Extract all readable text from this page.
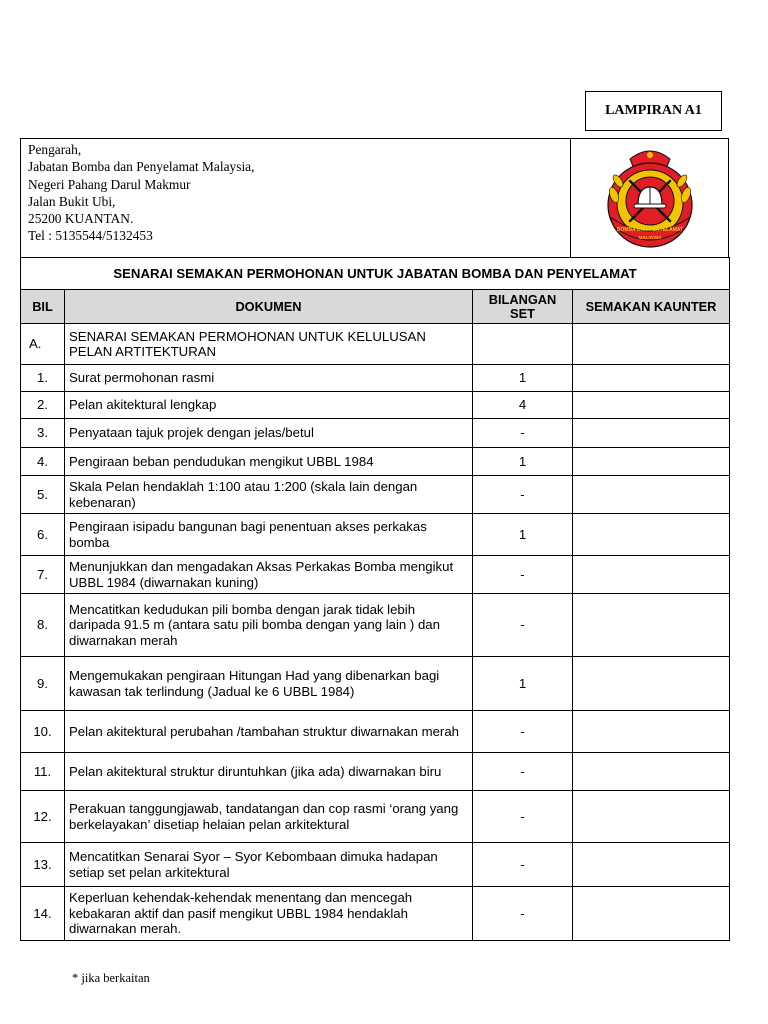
LAMPIRAN A1
Pengarah,
Jabatan Bomba dan Penyelamat Malaysia,
Negeri Pahang Darul Makmur
Jalan Bukit Ubi,
25200 KUANTAN.
Tel : 5135544/5132453	BOMBA DAN PENYELAMAT
MALAYSIA
SENARAI SEMAKAN PERMOHONAN UNTUK JABATAN BOMBA DAN PENYELAMAT			
BIL	DOKUMEN	BILANGAN SET	SEMAKAN KAUNTER
A.	SENARAI SEMAKAN PERMOHONAN UNTUK KELULUSAN PELAN ARTITEKTURAN		
1.	Surat permohonan rasmi	1	
2.	Pelan akitektural lengkap	4	
3.	Penyataan tajuk projek dengan jelas/betul	-	
4.	Pengiraan beban pendudukan mengikut UBBL 1984	1	
5.	Skala Pelan hendaklah 1:100 atau 1:200 (skala lain dengan kebenaran)	-	
6.	Pengiraan isipadu bangunan bagi penentuan akses perkakas bomba	1	
7.	Menunjukkan dan mengadakan Aksas Perkakas Bomba mengikut UBBL 1984 (diwarnakan kuning)	-	
8.	Mencatitkan kedudukan pili bomba dengan jarak tidak lebih daripada 91.5 m (antara satu pili bomba dengan yang lain ) dan diwarnakan merah	-	
9.	Mengemukakan pengiraan Hitungan Had yang dibenarkan bagi kawasan tak terlindung (Jadual ke 6 UBBL 1984)	1	
10.	Pelan akitektural perubahan /tambahan struktur diwarnakan merah	-	
11.	Pelan akitektural struktur diruntuhkan (jika ada) diwarnakan biru	-	
12.	Perakuan tanggungjawab, tandatangan dan cop rasmi ‘orang yang berkelayakan’ disetiap helaian pelan arkitektural	-	
13.	Mencatitkan Senarai Syor – Syor Kebombaan dimuka hadapan setiap set pelan arkitektural	-	
14.	Keperluan kehendak-kehendak menentang dan mencegah kebakaran aktif dan pasif mengikut UBBL 1984 hendaklah diwarnakan merah.	-	
* jika berkaitan
